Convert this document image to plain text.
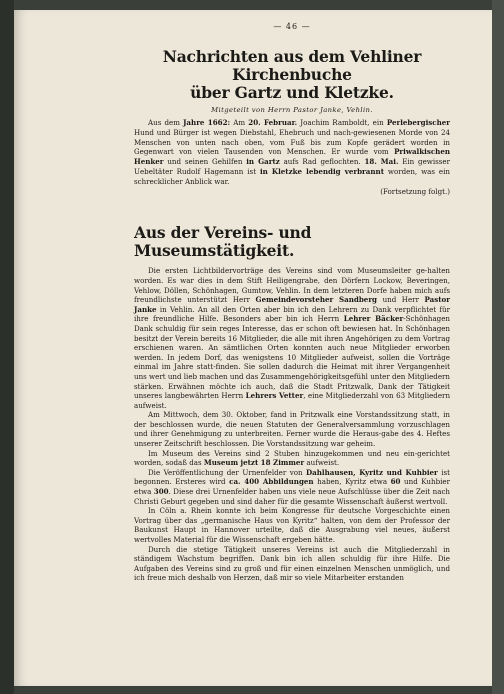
— 46 —
Nachrichten aus dem Vehliner Kirchenbuche
über Gartz und Kletzke.
Mitgeteilt von Herrn Pastor Janke, Vehlin.

Aus dem Jahre 1662: Am 20. Februar. Joachim Ramboldt, ein Perlebergischer Hund und Bürger ist wegen Diebstahl, Ehebruch und nach-gewiesenen Morde von 24 Menschen von unten nach oben, vom Fuß bis zum Kopfe gerädert worden in Gegenwart von vielen Tausenden von Menschen. Er wurde vom Priwalkischen Henker und seinen Gehilfen in Gartz aufs Rad geflochten. 18. Mai. Ein gewisser Uebeltäter Rudolf Hagemann ist in Kletzke lebendig verbrannt worden, was ein schrecklicher Anblick war.

(Fortsetzung folgt.)
Aus der Vereins- und Museumstätigkeit.

Die ersten Lichtbildervorträge des Vereins sind vom Museumsleiter ge-halten worden. Es war dies in dem Stift Heiligengrabe, den Dörfern Lockow, Beveringen, Vehlow, Döllen, Schönhagen, Gumtow, Vehlin. In dem letzteren Dorfe haben mich aufs freundlichste unterstützt Herr Gemeindevorsteher Sandberg und Herr Pastor Janke in Vehlin. An all den Orten aber bin ich den Lehrern zu Dank verpflichtet für ihre freundliche Hilfe. Besonders aber bin ich Herrn Lehrer Bäcker-Schönhagen Dank schuldig für sein reges Interesse, das er schon oft bewiesen hat. In Schönhagen besitzt der Verein bereits 16 Mitglieder, die alle mit ihren Angehörigen zu dem Vortrag erschienen waren. An sämtlichen Orten konnten auch neue Mitglieder erworben werden. In jedem Dorf, das wenigstens 10 Mitglieder aufweist, sollen die Vorträge einmal im Jahre statt-finden. Sie sollen dadurch die Heimat mit ihrer Vergangenheit uns wert und lieb machen und das Zusammengehörigkeitsgefühl unter den Mitgliedern stärken. Erwähnen möchte ich auch, daß die Stadt Pritzwalk, Dank der Tätigkeit unseres langbewährten Herrn Lehrers Vetter, eine Mitgliederzahl von 63 Mitgliedern aufweist.

Am Mittwoch, dem 30. Oktober, fand in Pritzwalk eine Vorstandssitzung statt, in der beschlossen wurde, die neuen Statuten der Generalversammlung vorzuschlagen und ihrer Genehmigung zu unterbreiten. Ferner wurde die Heraus-gabe des 4. Heftes unserer Zeitschrift beschlossen. Die Vorstandssitzung war geheim.

Im Museum des Vereins sind 2 Stuben hinzugekommen und neu ein-gerichtet worden, sodaß das Museum jetzt 18 Zimmer aufweist.

Die Veröffentlichung der Urnenfelder von Dahlhausen, Kyritz und Kuhbier ist begonnen. Ersteres wird ca. 400 Abbildungen haben, Kyritz etwa 60 und Kuhbier etwa 300. Diese drei Urnenfelder haben uns viele neue Aufschlüsse über die Zeit nach Christi Geburt gegeben und sind daher für die gesamte Wissenschaft äußerst wertvoll.

In Cöln a. Rhein konnte ich beim Kongresse für deutsche Vorgeschichte einen Vortrag über das „germanische Haus von Kyritz“ halten, von dem der Professor der Baukunst Haupt in Hannover urteilte, daß die Ausgrabung viel neues, äußerst wertvolles Material für die Wissenschaft ergeben hätte.

Durch die stetige Tätigkeit unseres Vereins ist auch die Mitgliederzahl in ständigem Wachstum begriffen. Dank bin ich allen schuldig für ihre Hilfe. Die Aufgaben des Vereins sind zu groß und für einen einzelnen Menschen unmöglich, und ich freue mich deshalb von Herzen, daß mir so viele Mitarbeiter erstanden
